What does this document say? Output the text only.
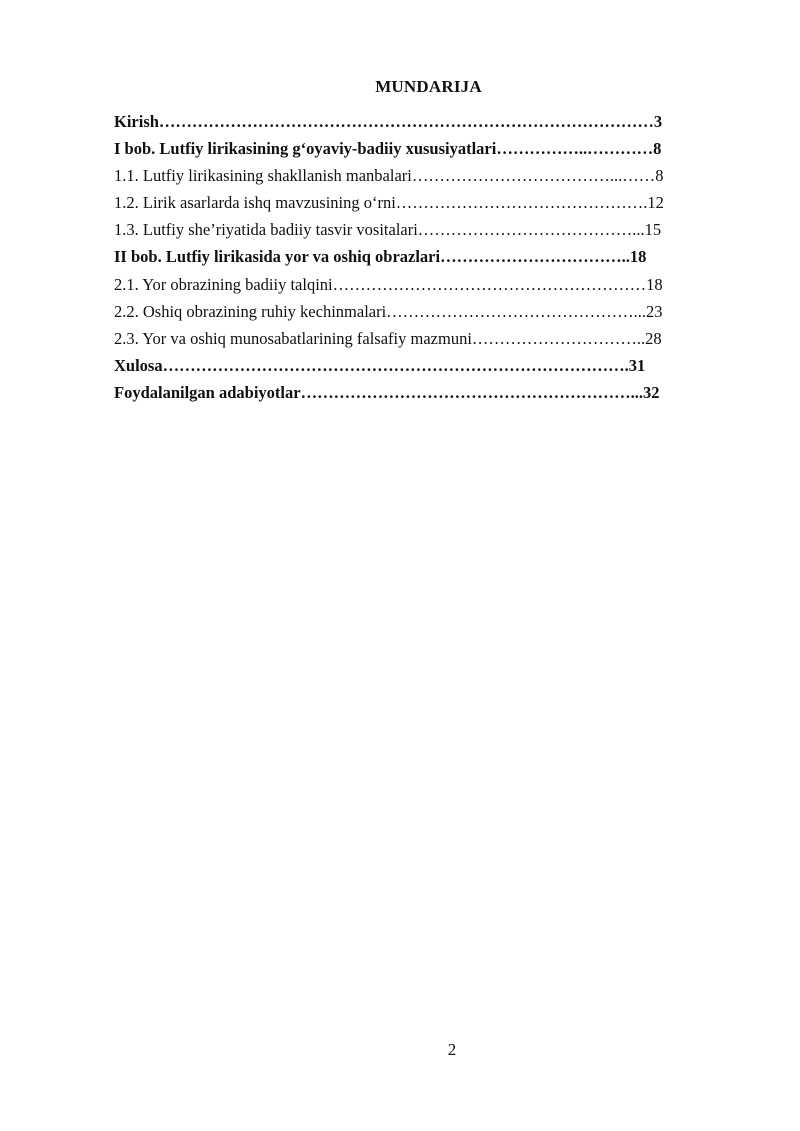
MUNDARIJA
Kirish………………………………………………………………………………3
I bob. Lutfiy lirikasining g‘oyaviy-badiiy xususiyatlari……………..…………8
1.1. Lutfiy lirikasining shakllanish manbalari………………………………...……8
1.2. Lirik asarlarda ishq mavzusining o‘rni……………………………………….12
1.3. Lutfiy she’riyatida badiiy tasvir vositalari…………………………………...15
II bob. Lutfiy lirikasida yor va oshiq obrazlari……………………………..18
2.1. Yor obrazining badiiy talqini…………………………………………………18
2.2. Oshiq obrazining ruhiy kechinmalari………………………………………...23
2.3. Yor va oshiq munosabatlarining falsafiy mazmuni…………………………..28
Xulosa………………………………………………………………………….31
Foydalanilgan adabiyotlar……………………………………………………...32
2
